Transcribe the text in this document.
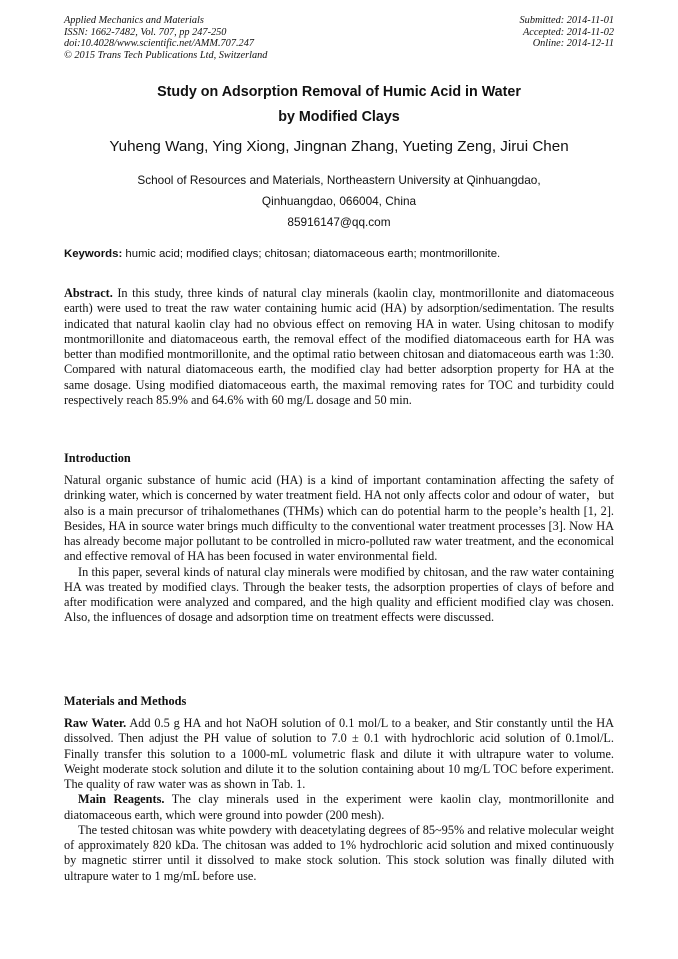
Applied Mechanics and Materials
ISSN: 1662-7482, Vol. 707, pp 247-250
doi:10.4028/www.scientific.net/AMM.707.247
© 2015 Trans Tech Publications Ltd, Switzerland
Submitted: 2014-11-01
Accepted: 2014-11-02
Online: 2014-12-11
Study on Adsorption Removal of Humic Acid in Water
by Modified Clays
Yuheng Wang, Ying Xiong, Jingnan Zhang, Yueting Zeng, Jirui Chen
School of Resources and Materials, Northeastern University at Qinhuangdao,
Qinhuangdao, 066004, China
85916147@qq.com
Keywords: humic acid; modified clays; chitosan; diatomaceous earth; montmorillonite.

Abstract. In this study, three kinds of natural clay minerals (kaolin clay, montmorillonite and diatomaceous earth) were used to treat the raw water containing humic acid (HA) by adsorption/sedimentation. The results indicated that natural kaolin clay had no obvious effect on removing HA in water. Using chitosan to modify montmorillonite and diatomaceous earth, the removal effect of the modified diatomaceous earth for HA was better than modified montmorillonite, and the optimal ratio between chitosan and diatomaceous earth was 1:30. Compared with natural diatomaceous earth, the modified clay had better adsorption property for HA at the same dosage. Using modified diatomaceous earth, the maximal removing rates for TOC and turbidity could respectively reach 85.9% and 64.6% with 60 mg/L dosage and 50 min.

Introduction

Natural organic substance of humic acid (HA) is a kind of important contamination affecting the safety of drinking water, which is concerned by water treatment field. HA not only affects color and odour of water，but also is a main precursor of trihalomethanes (THMs) which can do potential harm to the people’s health [1, 2]. Besides, HA in source water brings much difficulty to the conventional water treatment processes [3]. Now HA has already become major pollutant to be controlled in micro-polluted raw water treatment, and the economical and effective removal of HA has been focused in water environmental field.

In this paper, several kinds of natural clay minerals were modified by chitosan, and the raw water containing HA was treated by modified clays. Through the beaker tests, the adsorption properties of clays of before and after modification were analyzed and compared, and the high quality and efficient modified clay was chosen. Also, the influences of dosage and adsorption time on treatment effects were discussed.

Materials and Methods

Raw Water. Add 0.5 g HA and hot NaOH solution of 0.1 mol/L to a beaker, and Stir constantly until the HA dissolved. Then adjust the PH value of solution to 7.0 ± 0.1 with hydrochloric acid solution of 0.1mol/L. Finally transfer this solution to a 1000-mL volumetric flask and dilute it with ultrapure water to volume. Weight moderate stock solution and dilute it to the solution containing about 10 mg/L TOC before experiment. The quality of raw water was as shown in Tab. 1.

Main Reagents. The clay minerals used in the experiment were kaolin clay, montmorillonite and diatomaceous earth, which were ground into powder (200 mesh).

The tested chitosan was white powdery with deacetylating degrees of 85~95% and relative molecular weight of approximately 820 kDa. The chitosan was added to 1% hydrochloric acid solution and mixed continuously by magnetic stirrer until it dissolved to make stock solution. This stock solution was finally diluted with ultrapure water to 1 mg/mL before use.
